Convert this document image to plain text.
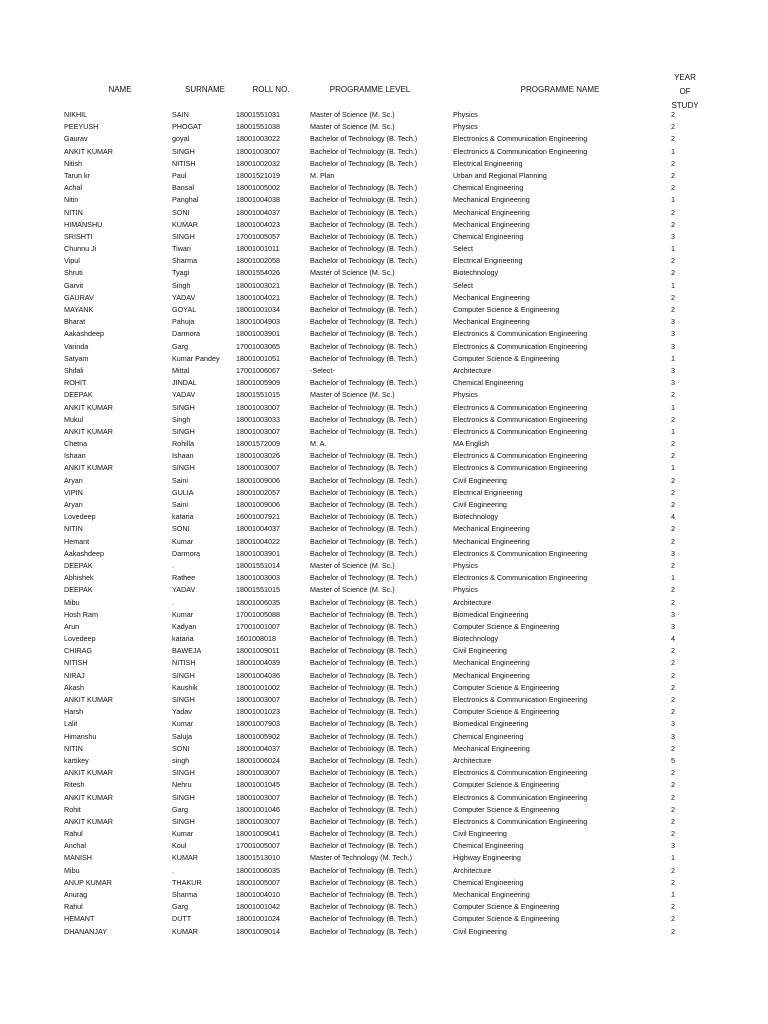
NAME	SURNAME	ROLL NO.	PROGRAMME LEVEL	PROGRAMME NAME
YEAR
OF
STUDY
NIKHIL	SAIN	18001551031	Master of Science (M. Sc.)	Physics	2
PEEYUSH	PHOGAT	18001551038	Master of Science (M. Sc.)	Physics	2
Gaurav	goyal	18001003022	Bachelor of Technology (B. Tech.)	Electronics & Communication Engineering	2
ANKIT KUMAR	SINGH	18001003007	Bachelor of Technology (B. Tech.)	Electronics & Communication Engineering	1
Nitish	NITISH	18001002032	Bachelor of Technology (B. Tech.)	Electrical Engineering	2
Tarun kr	Paul	18001521019	M. Plan	Urban and Regional Planning	2
Achal	Bansal	18001005002	Bachelor of Technology (B. Tech.)	Chemical Engineering	2
Nitin	Panghal	18001004038	Bachelor of Technology (B. Tech.)	Mechanical Engineering	1
NITIN	SONI	18001004037	Bachelor of Technology (B. Tech.)	Mechanical Engineering	2
HIMANSHU	KUMAR	18001004023	Bachelor of Technology (B. Tech.)	Mechanical Engineering	2
SRISHTI	SINGH	17001005057	Bachelor of Technology (B. Tech.)	Chemical Engineering	3
Chunnu Ji	Tiwari	18001001011	Bachelor of Technology (B. Tech.)	Select	1
Vipul	Sharma	18001002058	Bachelor of Technology (B. Tech.)	Electrical Engineering	2
Shruti	Tyagi	18001554026	Master of Science (M. Sc.)	Biotechnology	2
Garvit	Singh	18001003021	Bachelor of Technology (B. Tech.)	Select	1
GAURAV	YADAV	18001004021	Bachelor of Technology (B. Tech.)	Mechanical Engineering	2
MAYANK	GOYAL	18001001034	Bachelor of Technology (B. Tech.)	Computer Science & Engineering	2
Bharat	Pahuja	18001004903	Bachelor of Technology (B. Tech.)	Mechanical Engineering	3
Aakashdeep	Darmora	18001003901	Bachelor of Technology (B. Tech.)	Electronics & Communication Engineering	3
Varinda	Garg	17001003065	Bachelor of Technology (B. Tech.)	Electronics & Communication Engineering	3
Satyam	Kumar Pandey 18001001051	Bachelor of Technology (B. Tech.)	Computer Science & Engineering	1
Shifali	Mittal	17001006067	-Select-	Architecture	3
ROHIT	JINDAL	18001005909	Bachelor of Technology (B. Tech.)	Chemical Engineering	3
DEEPAK	YADAV	18001551015	Master of Science (M. Sc.)	Physics	2
ANKIT KUMAR	SINGH	18001003007	Bachelor of Technology (B. Tech.)	Electronics & Communication Engineering	1
Mukul	Singh	18001003033	Bachelor of Technology (B. Tech.)	Electronics & Communication Engineering	2
ANKIT KUMAR	SINGH	18001003007	Bachelor of Technology (B. Tech.)	Electronics & Communication Engineering	1
Chetna	Rohilla	18001572009	M. A.	MA English	2
Ishaan	Ishaan	18001003026	Bachelor of Technology (B. Tech.)	Electronics & Communication Engineering	2
ANKIT KUMAR	SINGH	18001003007	Bachelor of Technology (B. Tech.)	Electronics & Communication Engineering	1
Aryan	Saini	18001009006	Bachelor of Technology (B. Tech.)	Civil Engineering	2
VIPIN	GULIA	18001002057	Bachelor of Technology (B. Tech.)	Electrical Engineering	2
Aryan	Saini	18001009006	Bachelor of Technology (B. Tech.)	Civil Engineering	2
Lovedeep	kataria	16001007921	Bachelor of Technology (B. Tech.)	Biotechnology	4
NITIN	SONI	18001004037	Bachelor of Technology (B. Tech.)	Mechanical Engineering	2
Hemant	Kumar	18001004022	Bachelor of Technology (B. Tech.)	Mechanical Engineering	2
Aakashdeep	Darmora	18001003901	Bachelor of Technology (B. Tech.)	Electronics & Communication Engineering	3
DEEPAK	.	18001551014	Master of Science (M. Sc.)	Physics	2
Abhishek	Rathee	18001003003	Bachelor of Technology (B. Tech.)	Electronics & Communication Engineering	1
DEEPAK	YADAV	18001551015	Master of Science (M. Sc.)	Physics	2
Mibu	.	18001006035	Bachelor of Technology (B. Tech.)	Architecture	2
Hosh Ram	Kumar	17001005088	Bachelor of Technology (B. Tech.)	Biomedical Engineering	3
Arun	Kadyan	17001001007	Bachelor of Technology (B. Tech.)	Computer Science & Engineering	3
Lovedeep	kataria	1601008018	Bachelor of Technology (B. Tech.)	Biotechnology	4
CHIRAG	BAWEJA	18001009011	Bachelor of Technology (B. Tech.)	Civil Engineering	2
NITISH	NITISH	18001004039	Bachelor of Technology (B. Tech.)	Mechanical Engineering	2
NIRAJ	SINGH	18001004036	Bachelor of Technology (B. Tech.)	Mechanical Engineering	2
Akash	Kaushik	18001001002	Bachelor of Technology (B. Tech.)	Computer Science & Engineering	2
ANKIT KUMAR	SINGH	18001003007	Bachelor of Technology (B. Tech.)	Electronics & Communication Engineering	2
Harsh	Yadav	18001001023	Bachelor of Technology (B. Tech.)	Computer Science & Engineering	2
Lalit	Kumar	18001007903	Bachelor of Technology (B. Tech.)	Biomedical Engineering	3
Himanshu	Saluja	18001005902	Bachelor of Technology (B. Tech.)	Chemical Engineering	3
NITIN	SONI	18001004037	Bachelor of Technology (B. Tech.)	Mechanical Engineering	2
kartikey	singh	18001006024	Bachelor of Technology (B. Tech.)	Architecture	5
ANKIT KUMAR	SINGH	18001003007	Bachelor of Technology (B. Tech.)	Electronics & Communication Engineering	2
Ritesh	Nehru	18001001045	Bachelor of Technology (B. Tech.)	Computer Science & Engineering	2
ANKIT KUMAR	SINGH	18001003007	Bachelor of Technology (B. Tech.)	Electronics & Communication Engineering	2
Rohit	Garg	18001001046	Bachelor of Technology (B. Tech.)	Computer Science & Engineering	2
ANKIT KUMAR	SINGH	18001003007	Bachelor of Technology (B. Tech.)	Electronics & Communication Engineering	2
Rahul	Kumar	18001009041	Bachelor of Technology (B. Tech.)	Civil Engineering	2
Anchal	Koul	17001005007	Bachelor of Technology (B. Tech.)	Chemical Engineering	3
MANISH	KUMAR	18001513010	Master of Technology (M. Tech.)	Highway Engineering	1
Mibu	.	18001006035	Bachelor of Technology (B. Tech.)	Architecture	2
ANUP KUMAR	THAKUR	18001005007	Bachelor of Technology (B. Tech.)	Chemical Engineering	2
Anurag	Sharma	18001004010	Bachelor of Technology (B. Tech.)	Mechanical Engineering	1
Rahul	Garg	18001001042	Bachelor of Technology (B. Tech.)	Computer Science & Engineering	2
HEMANT	DUTT	18001001024	Bachelor of Technology (B. Tech.)	Computer Science & Engineering	2
DHANANJAY	KUMAR	18001009014	Bachelor of Technology (B. Tech.)	Civil Engineering	2
